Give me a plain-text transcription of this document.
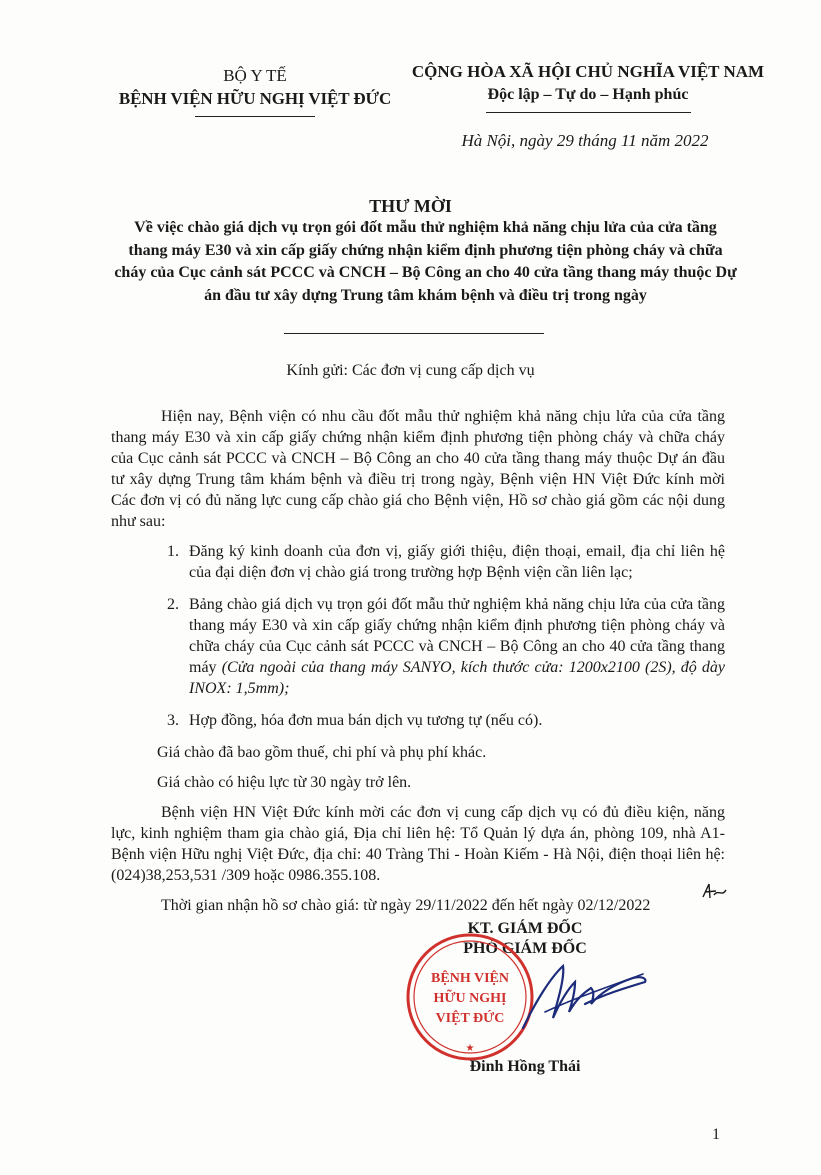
BỘ Y TẾ
BỆNH VIỆN HỮU NGHỊ VIỆT ĐỨC
CỘNG HÒA XÃ HỘI CHỦ NGHĨA VIỆT NAM
Độc lập – Tự do – Hạnh phúc
Hà Nội, ngày 29 tháng 11 năm 2022
THƯ MỜI
Về việc chào giá dịch vụ trọn gói đốt mẫu thử nghiệm khả năng chịu lửa của cửa tầng thang máy E30 và xin cấp giấy chứng nhận kiểm định phương tiện phòng cháy và chữa cháy của Cục cảnh sát PCCC và CNCH – Bộ Công an cho 40 cửa tầng thang máy thuộc Dự án đầu tư xây dựng Trung tâm khám bệnh và điều trị trong ngày
Kính gửi: Các đơn vị cung cấp dịch vụ

Hiện nay, Bệnh viện có nhu cầu đốt mẫu thử nghiệm khả năng chịu lửa của cửa tầng thang máy E30 và xin cấp giấy chứng nhận kiểm định phương tiện phòng cháy và chữa cháy của Cục cảnh sát PCCC và CNCH – Bộ Công an cho 40 cửa tầng thang máy thuộc Dự án đầu tư xây dựng Trung tâm khám bệnh và điều trị trong ngày, Bệnh viện HN Việt Đức kính mời Các đơn vị có đủ năng lực cung cấp chào giá cho Bệnh viện, Hồ sơ chào giá gồm các nội dung như sau:

1. Đăng ký kinh doanh của đơn vị, giấy giới thiệu, điện thoại, email, địa chỉ liên hệ của đại diện đơn vị chào giá trong trường hợp Bệnh viện cần liên lạc;
2. Bảng chào giá dịch vụ trọn gói đốt mẫu thử nghiệm khả năng chịu lửa của cửa tầng thang máy E30 và xin cấp giấy chứng nhận kiểm định phương tiện phòng cháy và chữa cháy của Cục cảnh sát PCCC và CNCH – Bộ Công an cho 40 cửa tầng thang máy (Cửa ngoài của thang máy SANYO, kích thước cửa: 1200x2100 (2S), độ dày INOX: 1,5mm);
3. Hợp đồng, hóa đơn mua bán dịch vụ tương tự (nếu có).

Giá chào đã bao gồm thuế, chi phí và phụ phí khác.

Giá chào có hiệu lực từ 30 ngày trở lên.

Bệnh viện HN Việt Đức kính mời các đơn vị cung cấp dịch vụ có đủ điều kiện, năng lực, kinh nghiệm tham gia chào giá, Địa chỉ liên hệ: Tổ Quản lý dựa án, phòng 109, nhà A1- Bệnh viện Hữu nghị Việt Đức, địa chỉ: 40 Tràng Thi - Hoàn Kiếm - Hà Nội, điện thoại liên hệ: (024)38,253,531 /309 hoặc 0986.355.108.

Thời gian nhận hồ sơ chào giá: từ ngày 29/11/2022 đến hết ngày 02/12/2022

KT. GIÁM ĐỐC
PHÓ GIÁM ĐỐC
BỆNH VIỆN
HỮU NGHỊ
VIỆT ĐỨC
★
Đinh Hồng Thái
1
